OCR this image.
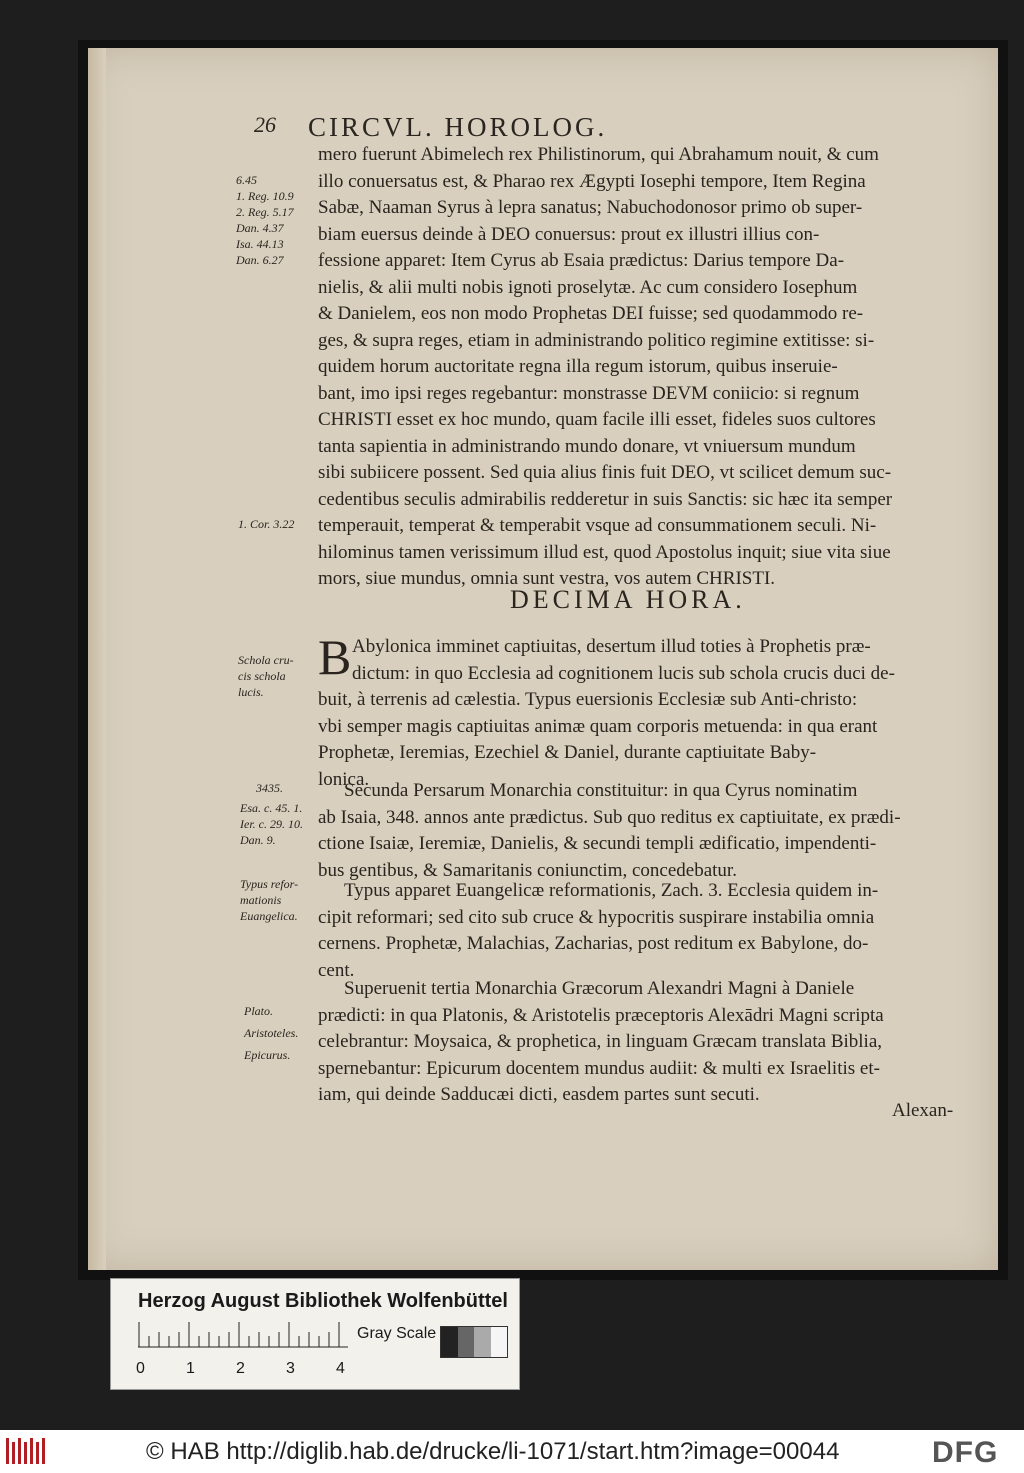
26 CIRCVL. HOROLOG.
mero fuerunt Abimelech rex Philistinorum, qui Abrahamum nouit, & cum
illo conuersatus est, & Pharao rex Ægypti Iosephi tempore, Item Regina
Sabæ, Naaman Syrus à lepra sanatus; Nabuchodonosor primo ob super-
biam euersus deinde à DEO conuersus: prout ex illustri illius con-
fessione apparet: Item Cyrus ab Esaia prædictus: Darius tempore Da-
nielis, & alii multi nobis ignoti proselytæ. Ac cum considero Iosephum
& Danielem, eos non modo Prophetas DEI fuisse; sed quodammodo re-
ges, & supra reges, etiam in administrando politico regimine extitisse: si-
quidem horum auctoritate regna illa regum istorum, quibus inseruie-
bant, imo ipsi reges regebantur: monstrasse DEVM coniicio: si regnum
CHRISTI esset ex hoc mundo, quam facile illi esset, fideles suos cultores
tanta sapientia in administrando mundo donare, vt vniuersum mundum
sibi subiicere possent. Sed quia alius finis fuit DEO, vt scilicet demum suc-
cedentibus seculis admirabilis redderetur in suis Sanctis: sic hæc ita semper
temperauit, temperat & temperabit vsque ad consummationem seculi. Ni-
hilominus tamen verissimum illud est, quod Apostolus inquit; siue vita siue
mors, siue mundus, omnia sunt vestra, vos autem CHRISTI.
DECIMA HORA.
B Abylonica imminet captiuitas, desertum illud toties à Prophetis præ-
dictum: in quo Ecclesia ad cognitionem lucis sub schola crucis duci de-
buit, à terrenis ad cælestia. Typus euersionis Ecclesiæ sub Anti-christo:
vbi semper magis captiuitas animæ quam corporis metuenda: in qua erant
Prophetæ, Ieremias, Ezechiel & Daniel, durante captiuitate Baby-
lonica.
Secunda Persarum Monarchia constituitur: in qua Cyrus nominatim
ab Isaia, 348. annos ante prædictus. Sub quo reditus ex captiuitate, ex prædi-
ctione Isaiæ, Ieremiæ, Danielis, & secundi templi ædificatio, impendenti-
bus gentibus, & Samaritanis coniunctim, concedebatur.
Typus apparet Euangelicæ reformationis, Zach. 3. Ecclesia quidem in-
cipit reformari; sed cito sub cruce & hypocritis suspirare instabilia omnia
cernens. Prophetæ, Malachias, Zacharias, post reditum ex Babylone, do-
cent.
Superuenit tertia Monarchia Græcorum Alexandri Magni à Daniele
prædicti: in qua Platonis, & Aristotelis præceptoris Alexādri Magni scripta
celebrantur: Moysaica, & prophetica, in linguam Græcam translata Biblia,
spernebantur: Epicurum docentem mundus audiit: & multi ex Israelitis et-
iam, qui deinde Sadducæi dicti, easdem partes sunt secuti.
Alexan-
6.45
1. Reg. 10.9
2. Reg. 5.17
Dan. 4.37
Isa. 44.13
Dan. 6.27
1. Cor. 3.22
Schola cru-
cis schola
lucis.
3435.
Esa. c. 45. 1.
Ier. c. 29. 10.
Dan. 9.
Typus refor-
mationis
Euangelica.
Plato.
Aristoteles.
Epicurus.
Herzog August Bibliothek Wolfenbüttel
Gray Scale
0	1	2	3	4
© HAB http://diglib.hab.de/drucke/li-1071/start.htm?image=00044	DFG
